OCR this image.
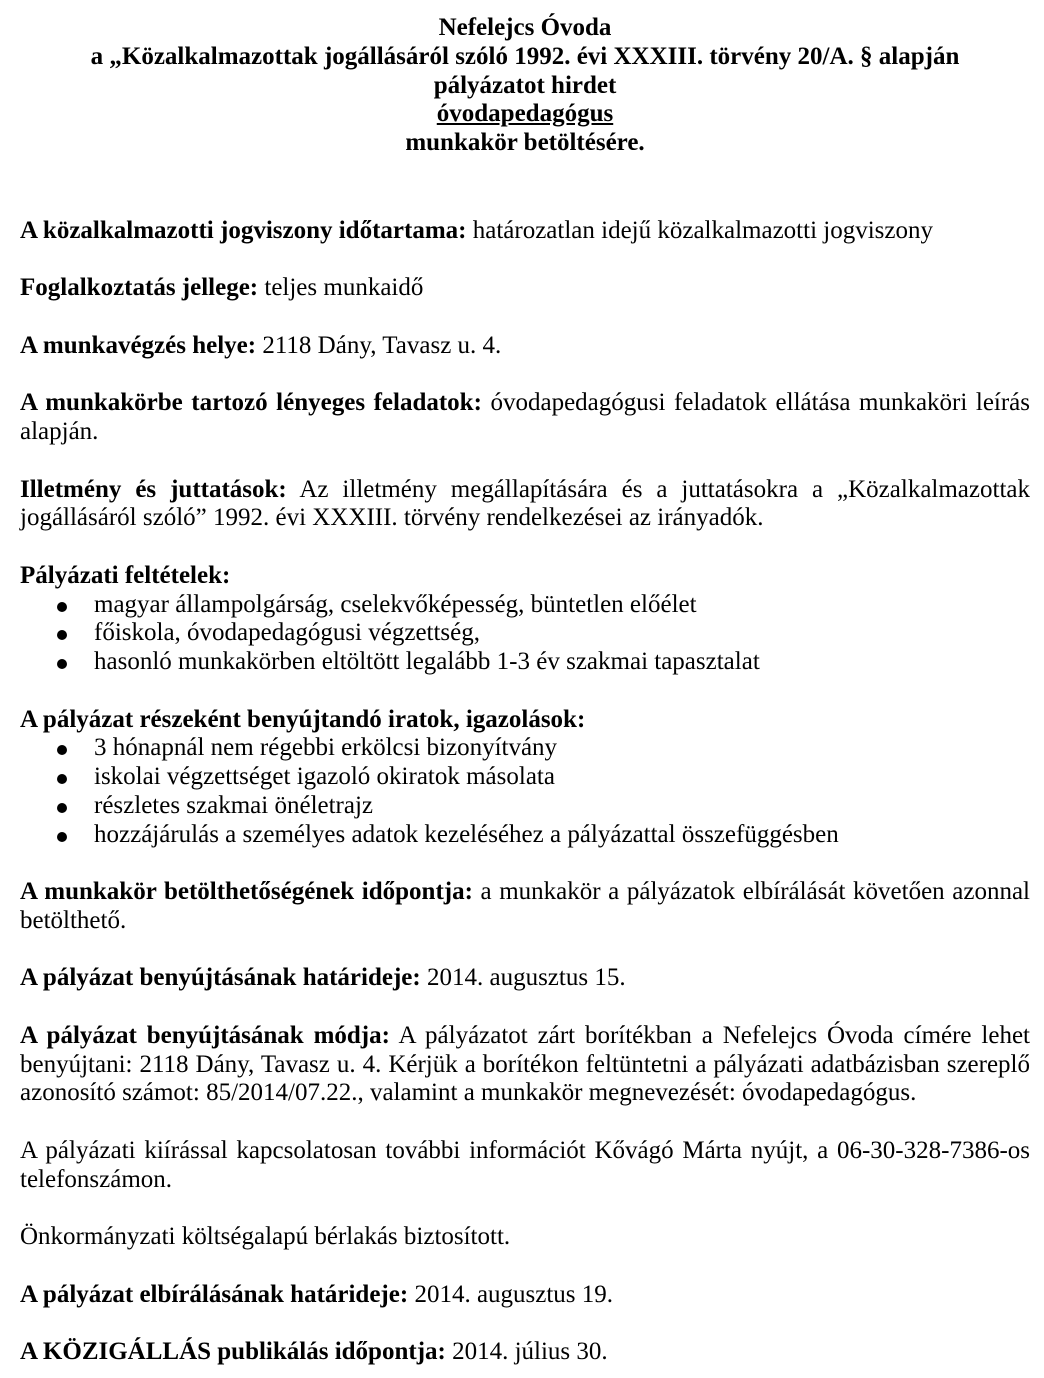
Nefelejcs Óvoda
a „Közalkalmazottak jogállásáról szóló 1992. évi XXXIII. törvény 20/A. § alapján
pályázatot hirdet
óvodapedagógus
munkakör betöltésére.

A közalkalmazotti jogviszony időtartama: határozatlan idejű közalkalmazotti jogviszony

Foglalkoztatás jellege: teljes munkaidő

A munkavégzés helye: 2118 Dány, Tavasz u. 4.

A munkakörbe tartozó lényeges feladatok: óvodapedagógusi feladatok ellátása munkaköri leírás alapján.

Illetmény és juttatások: Az illetmény megállapítására és a juttatásokra a „Közalkalmazottak jogállásáról szóló” 1992. évi XXXIII. törvény rendelkezései az irányadók.

Pályázati feltételek:
magyar állampolgárság, cselekvőképesség, büntetlen előélet
főiskola, óvodapedagógusi végzettség,
hasonló munkakörben eltöltött legalább 1-3 év szakmai tapasztalat
A pályázat részeként benyújtandó iratok, igazolások:
3 hónapnál nem régebbi erkölcsi bizonyítvány
iskolai végzettséget igazoló okiratok másolata
részletes szakmai önéletrajz
hozzájárulás a személyes adatok kezeléséhez a pályázattal összefüggésben

A munkakör betölthetőségének időpontja: a munkakör a pályázatok elbírálását követően azonnal betölthető.

A pályázat benyújtásának határideje: 2014. augusztus 15.

A pályázat benyújtásának módja: A pályázatot zárt borítékban a Nefelejcs Óvoda címére lehet benyújtani: 2118 Dány, Tavasz u. 4. Kérjük a borítékon feltüntetni a pályázati adatbázisban szereplő azonosító számot: 85/2014/07.22., valamint a munkakör megnevezését: óvodapedagógus.

A pályázati kiírással kapcsolatosan további információt Kővágó Márta nyújt, a 06-30-328-7386-os telefonszámon.

Önkormányzati költségalapú bérlakás biztosított.

A pályázat elbírálásának határideje: 2014. augusztus 19.

A KÖZIGÁLLÁS publikálás időpontja: 2014. július 30.
